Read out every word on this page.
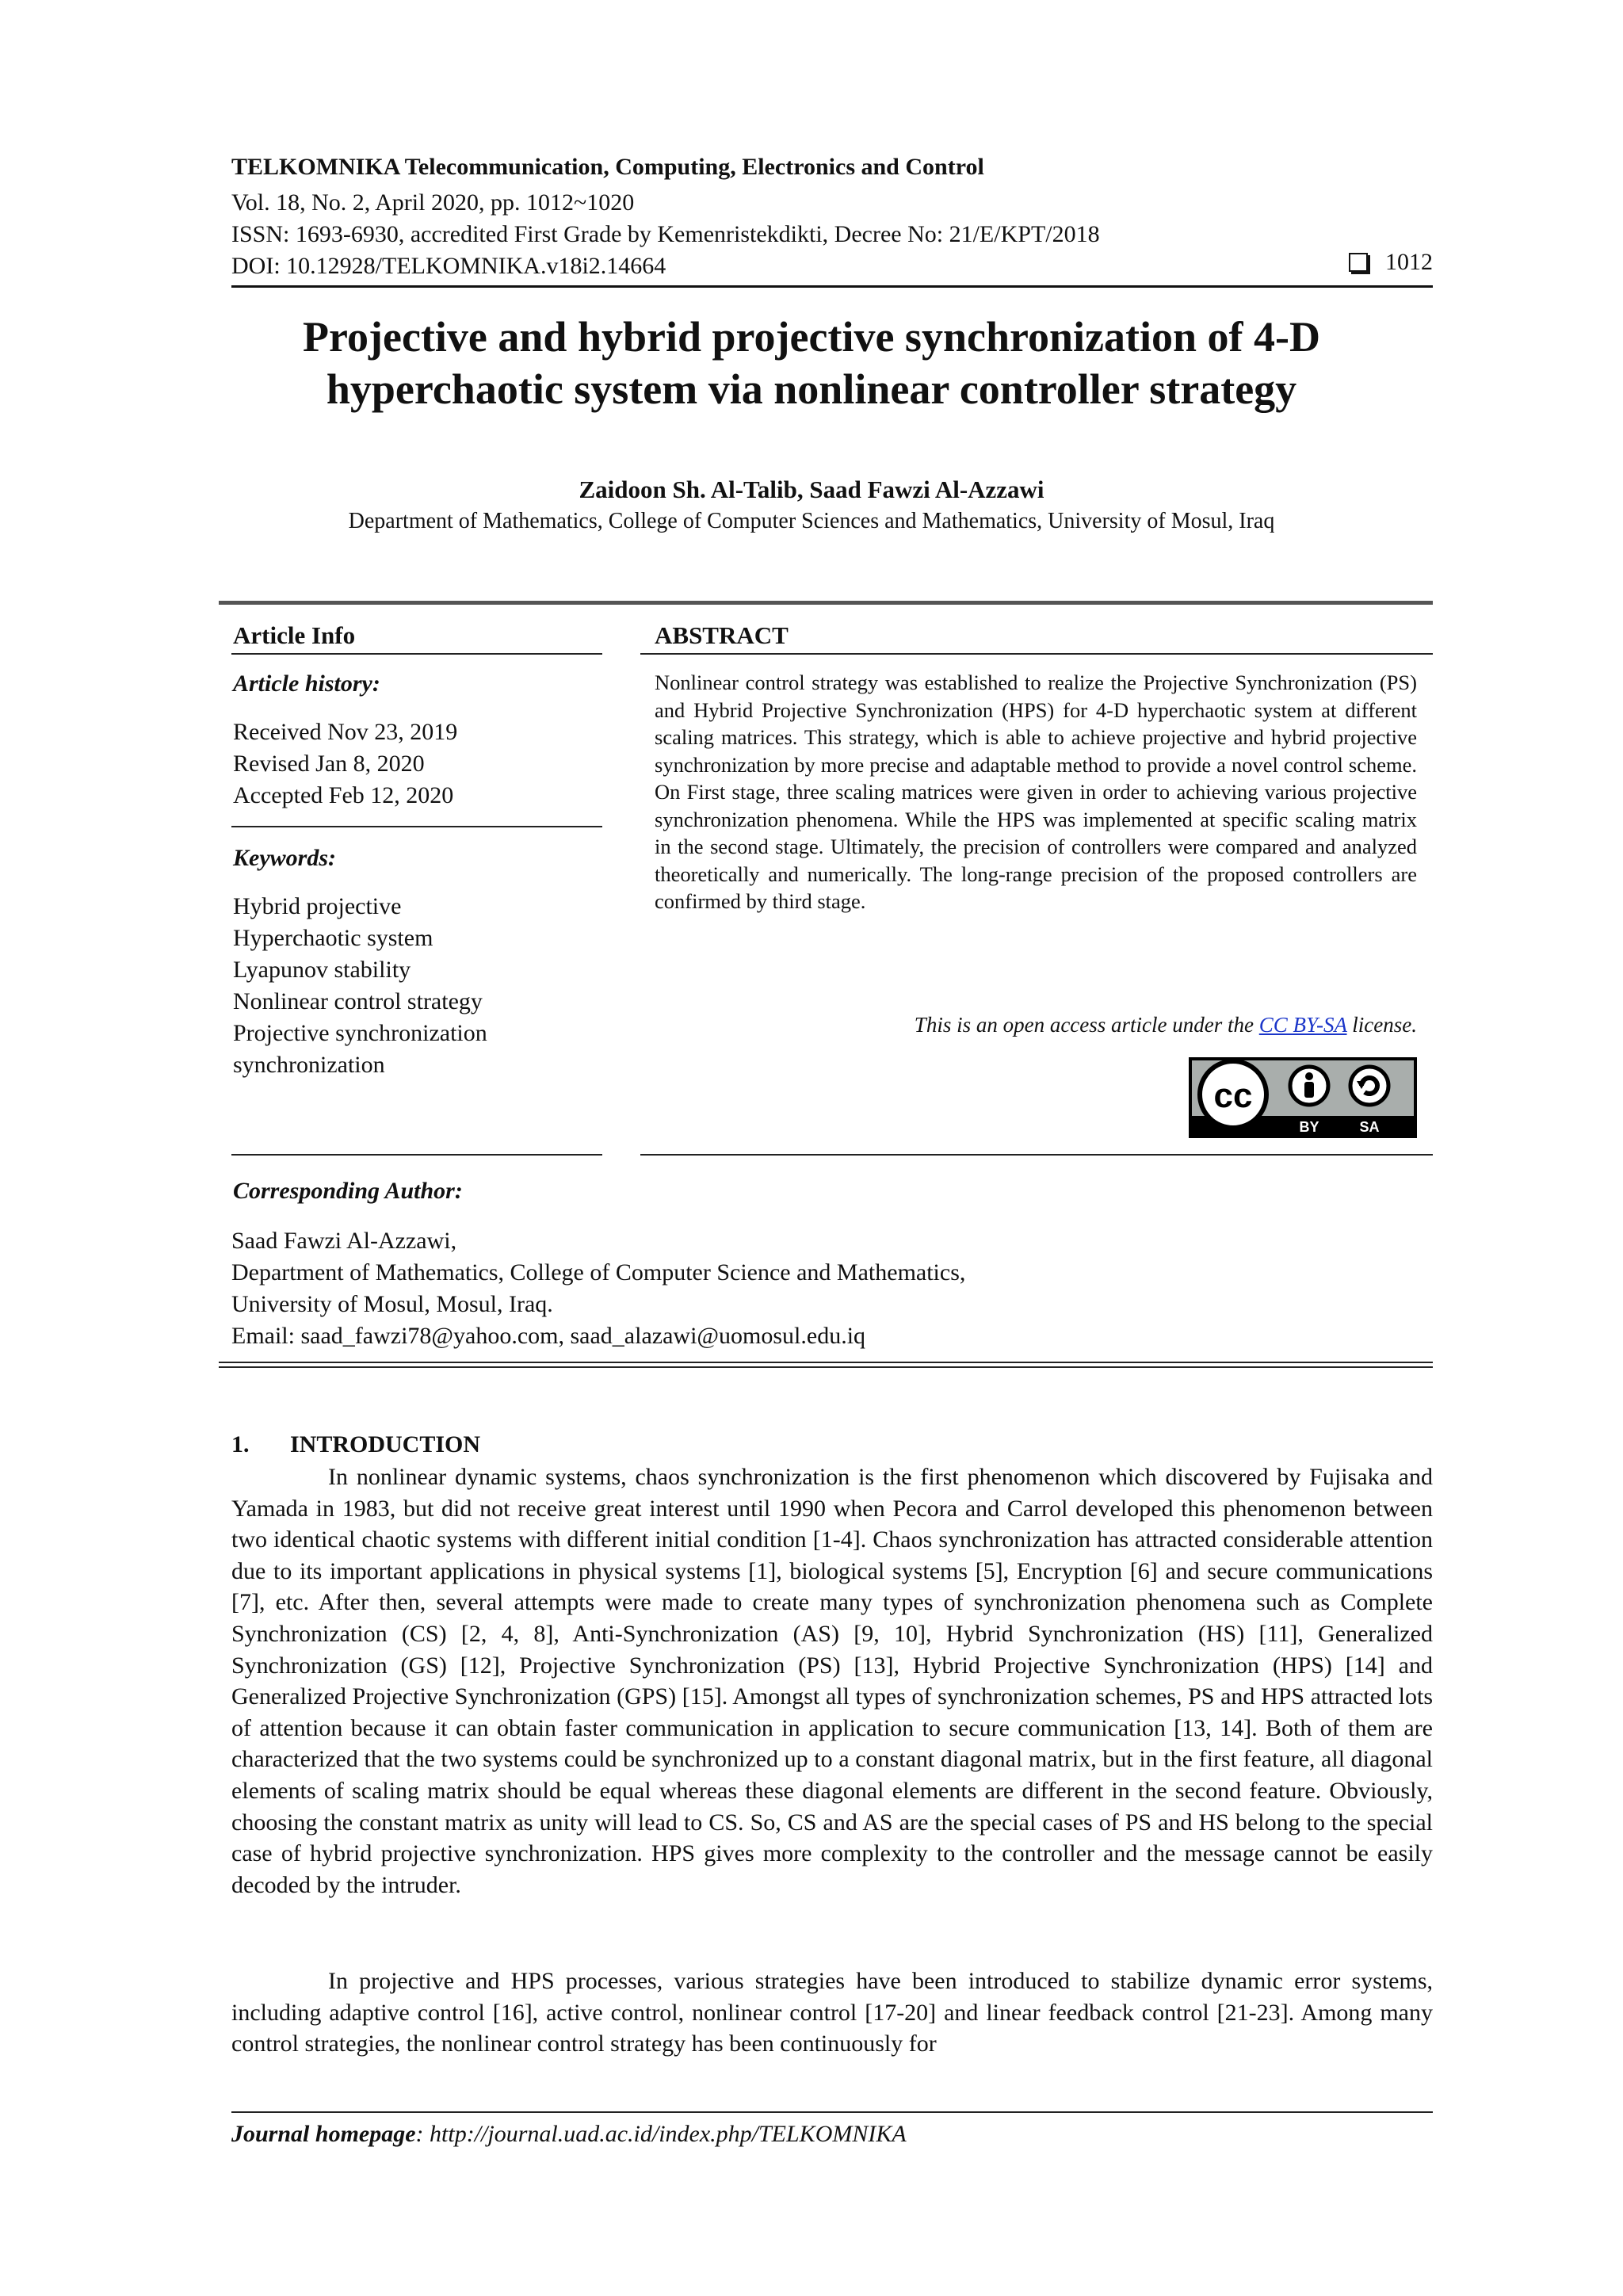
TELKOMNIKA Telecommunication, Computing, Electronics and Control
Vol. 18, No. 2, April 2020, pp. 1012~1020
ISSN: 1693-6930, accredited First Grade by Kemenristekdikti, Decree No: 21/E/KPT/2018
DOI: 10.12928/TELKOMNIKA.v18i2.14664	1012
Projective and hybrid projective synchronization of 4-D
hyperchaotic system via nonlinear controller strategy
Zaidoon Sh. Al-Talib, Saad Fawzi Al-Azzawi
Department of Mathematics, College of Computer Sciences and Mathematics, University of Mosul, Iraq
Article Info
Article history:
Received Nov 23, 2019
Revised Jan 8, 2020
Accepted Feb 12, 2020
Keywords:
Hybrid projective
Hyperchaotic system
Lyapunov stability
Nonlinear control strategy
Projective synchronization
synchronization
ABSTRACT
Nonlinear control strategy was established to realize the Projective Synchronization (PS) and Hybrid Projective Synchronization (HPS) for 4-D hyperchaotic system at different scaling matrices. This strategy, which is able to achieve projective and hybrid projective synchronization by more precise and adaptable method to provide a novel control scheme. On First stage, three scaling matrices were given in order to achieving various projective synchronization phenomena. While the HPS was implemented at specific scaling matrix in the second stage. Ultimately, the precision of controllers were compared and analyzed theoretically and numerically. The long-range precision of the proposed controllers are confirmed by third stage.
This is an open access article under the CC BY-SA license.
cc
BY	SA
Corresponding Author:
Saad Fawzi Al-Azzawi,
Department of Mathematics, College of Computer Science and Mathematics,
University of Mosul, Mosul, Iraq.
Email: saad_fawzi78@yahoo.com, saad_alazawi@uomosul.edu.iq
1. INTRODUCTION
In nonlinear dynamic systems, chaos synchronization is the first phenomenon which discovered by Fujisaka and Yamada in 1983, but did not receive great interest until 1990 when Pecora and Carrol developed this phenomenon between two identical chaotic systems with different initial condition [1-4]. Chaos synchronization has attracted considerable attention due to its important applications in physical systems [1], biological systems [5], Encryption [6] and secure communications [7], etc. After then, several attempts were made to create many types of synchronization phenomena such as Complete Synchronization (CS) [2, 4, 8], Anti-Synchronization (AS) [9, 10], Hybrid Synchronization (HS) [11], Generalized Synchronization (GS) [12], Projective Synchronization (PS) [13], Hybrid Projective Synchronization (HPS) [14] and Generalized Projective Synchronization (GPS) [15]. Amongst all types of synchronization schemes, PS and HPS attracted lots of attention because it can obtain faster communication in application to secure communication [13, 14]. Both of them are characterized that the two systems could be synchronized up to a constant diagonal matrix, but in the first feature, all diagonal elements of scaling matrix should be equal whereas these diagonal elements are different in the second feature. Obviously, choosing the constant matrix as unity will lead to CS. So, CS and AS are the special cases of PS and HS belong to the special case of hybrid projective synchronization. HPS gives more complexity to the controller and the message cannot be easily decoded by the intruder.
In projective and HPS processes, various strategies have been introduced to stabilize dynamic error systems, including adaptive control [16], active control, nonlinear control [17-20] and linear feedback control [21-23]. Among many control strategies, the nonlinear control strategy has been continuously for
Journal homepage: http://journal.uad.ac.id/index.php/TELKOMNIKA
